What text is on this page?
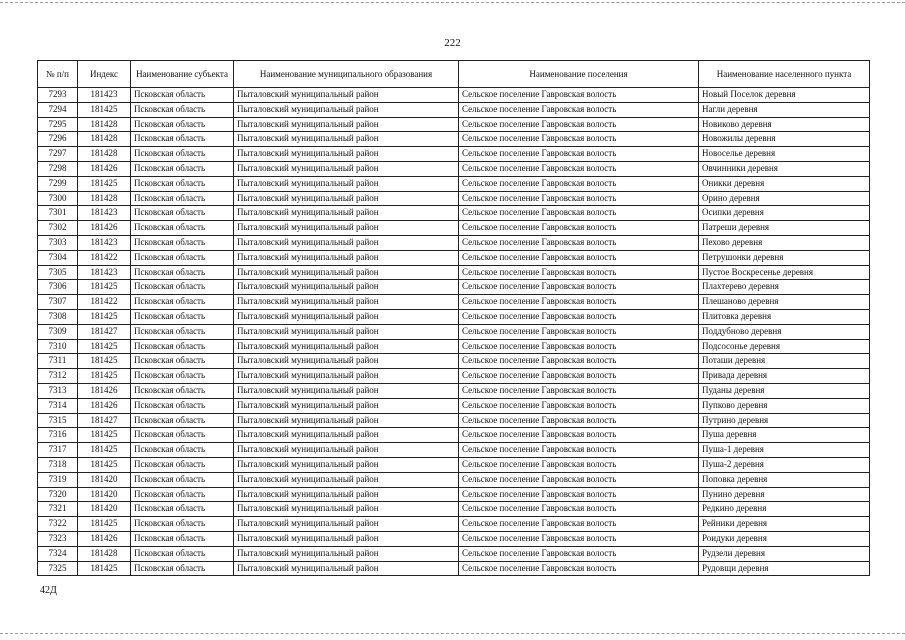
222
№ п/п	Индекс	Наименование субъекта	Наименование муниципального образования	Наименование поселения	Наименование населенного пункта
7293	181423	Псковская область	Пыталовский муниципальный район	Сельское поселение Гавровская волость	Новый Поселок деревня
7294	181425	Псковская область	Пыталовский муниципальный район	Сельское поселение Гавровская волость	Нагли деревня
7295	181428	Псковская область	Пыталовский муниципальный район	Сельское поселение Гавровская волость	Новиково деревня
7296	181428	Псковская область	Пыталовский муниципальный район	Сельское поселение Гавровская волость	Новожилы деревня
7297	181428	Псковская область	Пыталовский муниципальный район	Сельское поселение Гавровская волость	Новоселье деревня
7298	181426	Псковская область	Пыталовский муниципальный район	Сельское поселение Гавровская волость	Овчинники деревня
7299	181425	Псковская область	Пыталовский муниципальный район	Сельское поселение Гавровская волость	Оникки деревня
7300	181428	Псковская область	Пыталовский муниципальный район	Сельское поселение Гавровская волость	Орино деревня
7301	181423	Псковская область	Пыталовский муниципальный район	Сельское поселение Гавровская волость	Осипки деревня
7302	181426	Псковская область	Пыталовский муниципальный район	Сельское поселение Гавровская волость	Патреши деревня
7303	181423	Псковская область	Пыталовский муниципальный район	Сельское поселение Гавровская волость	Пехово деревня
7304	181422	Псковская область	Пыталовский муниципальный район	Сельское поселение Гавровская волость	Петрушонки деревня
7305	181423	Псковская область	Пыталовский муниципальный район	Сельское поселение Гавровская волость	Пустое Воскресенье деревня
7306	181425	Псковская область	Пыталовский муниципальный район	Сельское поселение Гавровская волость	Плахтерево деревня
7307	181422	Псковская область	Пыталовский муниципальный район	Сельское поселение Гавровская волость	Плешаново деревня
7308	181425	Псковская область	Пыталовский муниципальный район	Сельское поселение Гавровская волость	Плитовка деревня
7309	181427	Псковская область	Пыталовский муниципальный район	Сельское поселение Гавровская волость	Поддубново деревня
7310	181425	Псковская область	Пыталовский муниципальный район	Сельское поселение Гавровская волость	Подсосонье деревня
7311	181425	Псковская область	Пыталовский муниципальный район	Сельское поселение Гавровская волость	Поташи деревня
7312	181425	Псковская область	Пыталовский муниципальный район	Сельское поселение Гавровская волость	Привада деревня
7313	181426	Псковская область	Пыталовский муниципальный район	Сельское поселение Гавровская волость	Пуданы деревня
7314	181426	Псковская область	Пыталовский муниципальный район	Сельское поселение Гавровская волость	Пупково деревня
7315	181427	Псковская область	Пыталовский муниципальный район	Сельское поселение Гавровская волость	Путрино деревня
7316	181425	Псковская область	Пыталовский муниципальный район	Сельское поселение Гавровская волость	Пуша деревня
7317	181425	Псковская область	Пыталовский муниципальный район	Сельское поселение Гавровская волость	Пуша-1 деревня
7318	181425	Псковская область	Пыталовский муниципальный район	Сельское поселение Гавровская волость	Пуша-2 деревня
7319	181420	Псковская область	Пыталовский муниципальный район	Сельское поселение Гавровская волость	Поповка деревня
7320	181420	Псковская область	Пыталовский муниципальный район	Сельское поселение Гавровская волость	Пунино деревня
7321	181420	Псковская область	Пыталовский муниципальный район	Сельское поселение Гавровская волость	Редкино деревня
7322	181425	Псковская область	Пыталовский муниципальный район	Сельское поселение Гавровская волость	Рейники деревня
7323	181426	Псковская область	Пыталовский муниципальный район	Сельское поселение Гавровская волость	Роидуки деревня
7324	181428	Псковская область	Пыталовский муниципальный район	Сельское поселение Гавровская волость	Рудзели деревня
7325	181425	Псковская область	Пыталовский муниципальный район	Сельское поселение Гавровская волость	Рудовщи деревня
42Д
